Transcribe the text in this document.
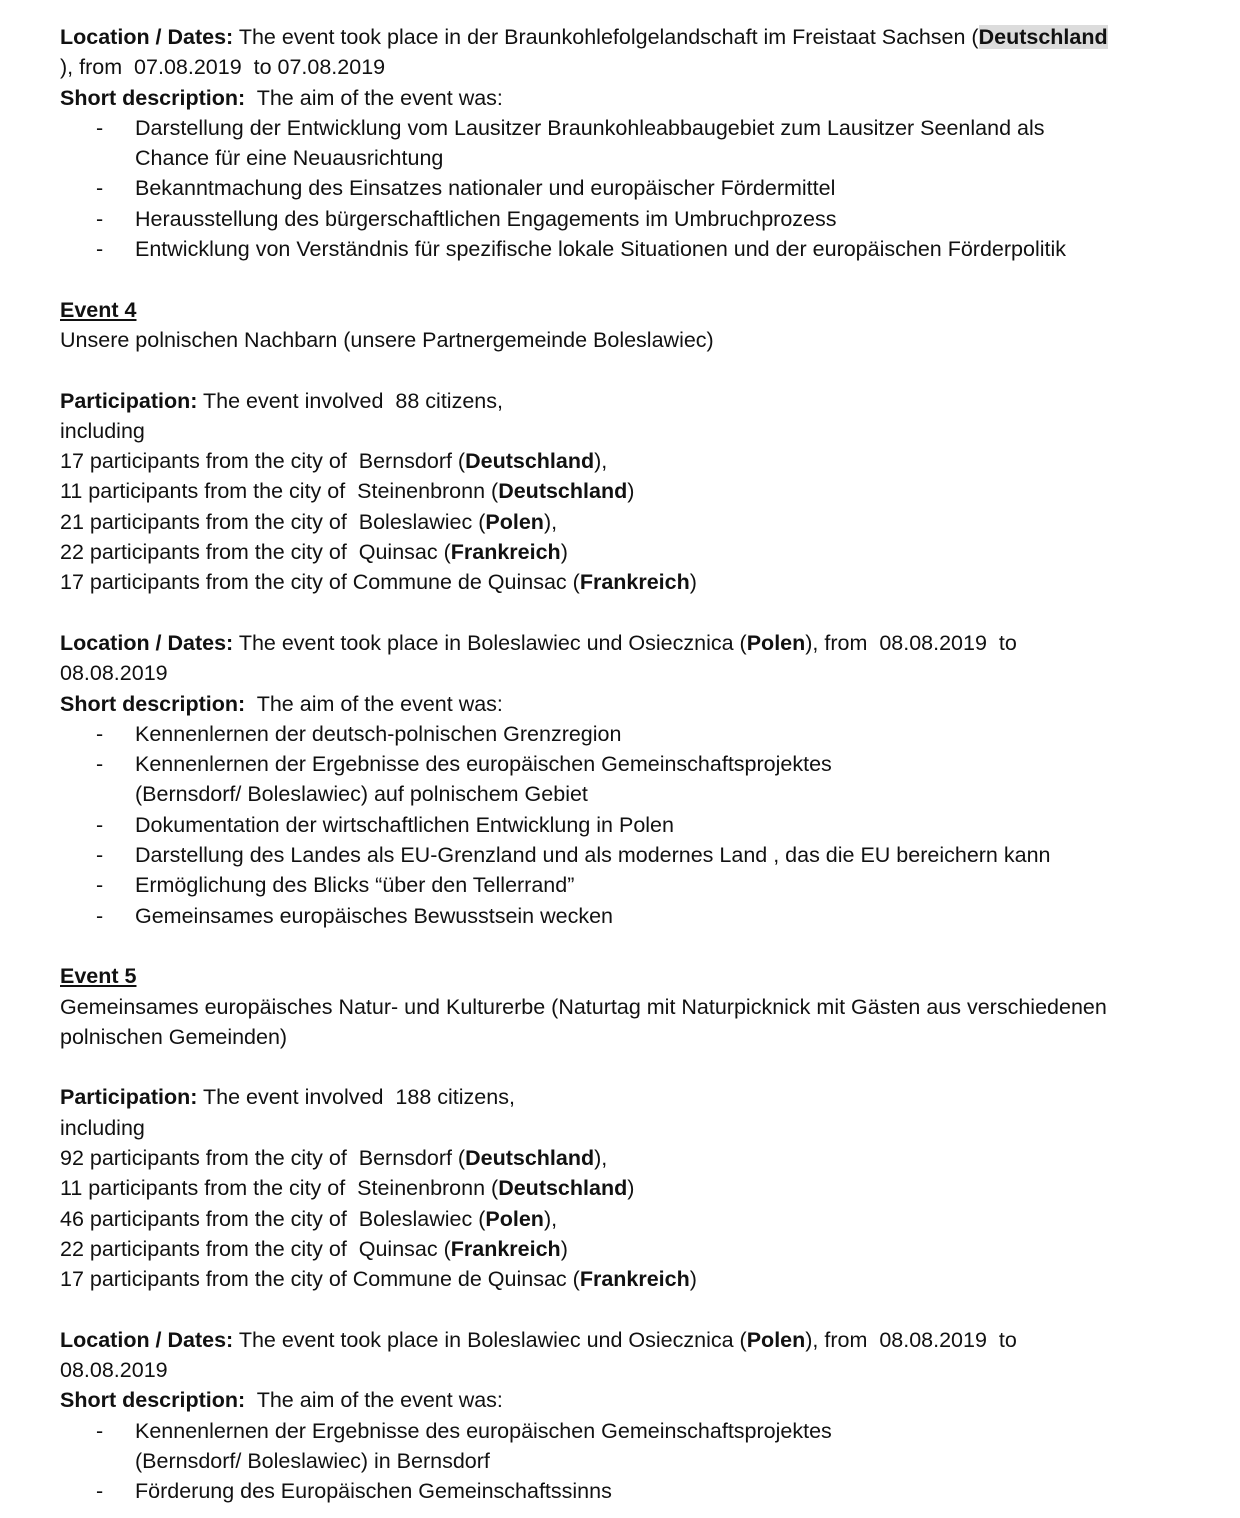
Location / Dates: The event took place in der Braunkohlefolgelandschaft im Freistaat Sachsen (Deutschland

), from  07.08.2019  to 07.08.2019

Short description: The aim of the event was:

- Darstellung der Entwicklung vom Lausitzer Braunkohleabbaugebiet zum Lausitzer Seenland als
Chance für eine Neuausrichtung
- Bekanntmachung des Einsatzes nationaler und europäischer Fördermittel
- Herausstellung des bürgerschaftlichen Engagements im Umbruchprozess
- Entwicklung von Verständnis für spezifische lokale Situationen und der europäischen Förderpolitik

Event 4

Unsere polnischen Nachbarn (unsere Partnergemeinde Boleslawiec)

Participation: The event involved  88 citizens,

including

17 participants from the city of  Bernsdorf (Deutschland),

11 participants from the city of  Steinenbronn (Deutschland)

21 participants from the city of  Boleslawiec (Polen),

22 participants from the city of  Quinsac (Frankreich)

17 participants from the city of Commune de Quinsac (Frankreich)

Location / Dates: The event took place in Boleslawiec und Osiecznica (Polen), from  08.08.2019  to

08.08.2019

Short description: The aim of the event was:

- Kennenlernen der deutsch-polnischen Grenzregion
- Kennenlernen der Ergebnisse des europäischen Gemeinschaftsprojektes
(Bernsdorf/ Boleslawiec) auf polnischem Gebiet
- Dokumentation der wirtschaftlichen Entwicklung in Polen
- Darstellung des Landes als EU-Grenzland und als modernes Land , das die EU bereichern kann
- Ermöglichung des Blicks “über den Tellerrand”
- Gemeinsames europäisches Bewusstsein wecken

Event 5

Gemeinsames europäisches Natur- und Kulturerbe (Naturtag mit Naturpicknick mit Gästen aus verschiedenen

polnischen Gemeinden)

Participation: The event involved  188 citizens,

including

92 participants from the city of  Bernsdorf (Deutschland),

11 participants from the city of  Steinenbronn (Deutschland)

46 participants from the city of  Boleslawiec (Polen),

22 participants from the city of  Quinsac (Frankreich)

17 participants from the city of Commune de Quinsac (Frankreich)

Location / Dates: The event took place in Boleslawiec und Osiecznica (Polen), from  08.08.2019  to

08.08.2019

Short description: The aim of the event was:

- Kennenlernen der Ergebnisse des europäischen Gemeinschaftsprojektes
(Bernsdorf/ Boleslawiec) in Bernsdorf
- Förderung des Europäischen Gemeinschaftssinns
